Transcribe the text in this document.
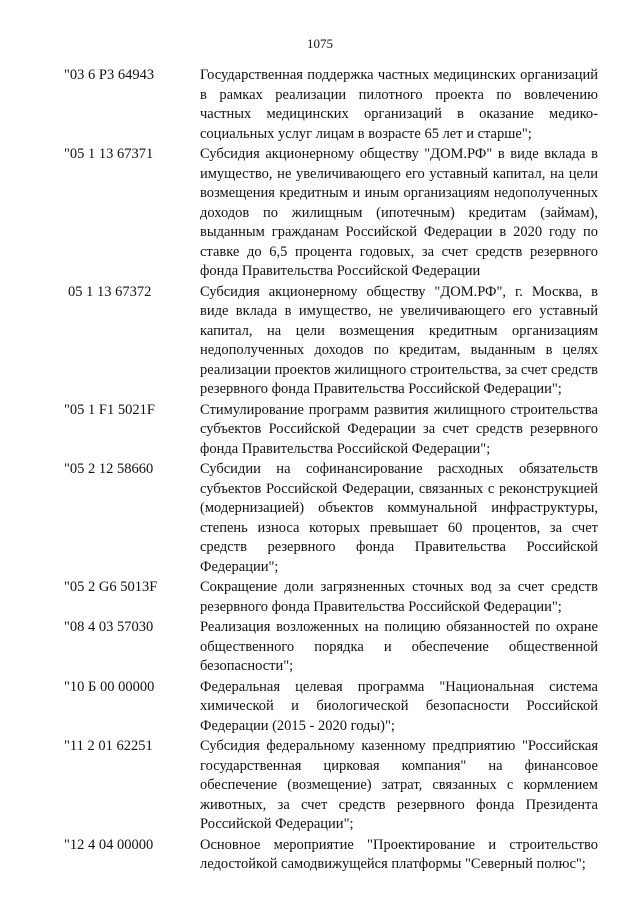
1075
"03 6 P3 64943	Государственная поддержка частных медицинских организаций в рамках реализации пилотного проекта по вовлечению частных медицинских организаций в оказание медико-социальных услуг лицам в возрасте 65 лет и старше";
"05 1 13 67371	Субсидия акционерному обществу "ДОМ.РФ" в виде вклада в имущество, не увеличивающего его уставный капитал, на цели возмещения кредитным и иным организациям недополученных доходов по жилищным (ипотечным) кредитам (займам), выданным гражданам Российской Федерации в 2020 году по ставке до 6,5 процента годовых, за счет средств резервного фонда Правительства Российской Федерации
05 1 13 67372	Субсидия акционерному обществу "ДОМ.РФ", г. Москва, в виде вклада в имущество, не увеличивающего его уставный капитал, на цели возмещения кредитным организациям недополученных доходов по кредитам, выданным в целях реализации проектов жилищного строительства, за счет средств резервного фонда Правительства Российской Федерации";
"05 1 F1 5021F	Стимулирование программ развития жилищного строительства субъектов Российской Федерации за счет средств резервного фонда Правительства Российской Федерации";
"05 2 12 58660	Субсидии на софинансирование расходных обязательств субъектов Российской Федерации, связанных с реконструкцией (модернизацией) объектов коммунальной инфраструктуры, степень износа которых превышает 60 процентов, за счет средств резервного фонда Правительства Российской Федерации";
"05 2 G6 5013F	Сокращение доли загрязненных сточных вод за счет средств резервного фонда Правительства Российской Федерации";
"08 4 03 57030	Реализация возложенных на полицию обязанностей по охране общественного порядка и обеспечение общественной безопасности";
"10 Б 00 00000	Федеральная целевая программа "Национальная система химической и биологической безопасности Российской Федерации (2015 - 2020 годы)";
"11 2 01 62251	Субсидия федеральному казенному предприятию "Российская государственная цирковая компания" на финансовое обеспечение (возмещение) затрат, связанных с кормлением животных, за счет средств резервного фонда Президента Российской Федерации";
"12 4 04 00000	Основное мероприятие "Проектирование и строительство ледостойкой самодвижущейся платформы "Северный полюс";
